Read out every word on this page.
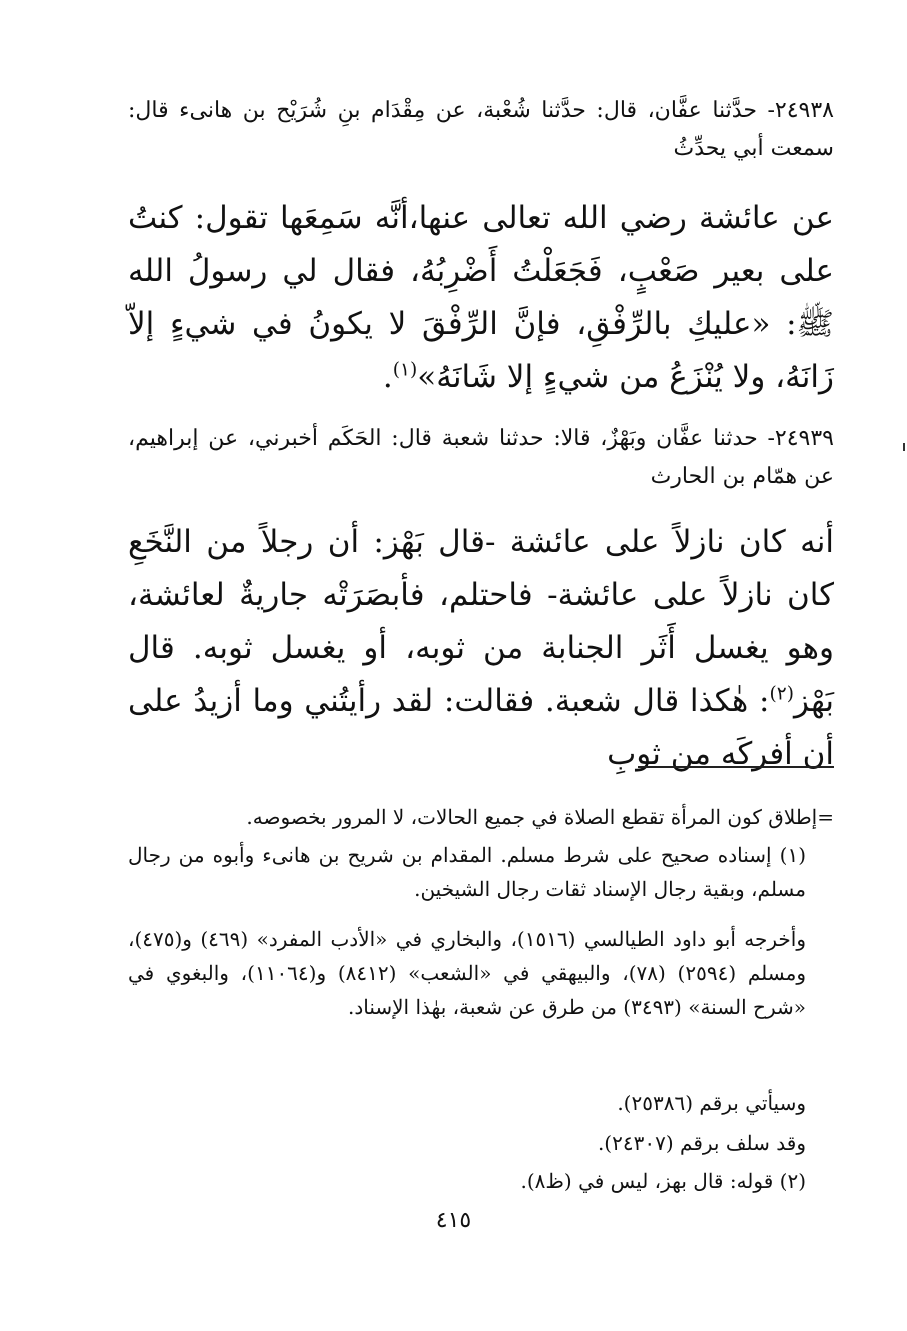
٢٤٩٣٨- حدَّثنا عفَّان، قال: حدَّثنا شُعْبة، عن مِقْدَام بنِ شُرَيْح بن هانىء قال: سمعت أبي يحدِّثُ
عن عائشة رضي الله تعالى عنها،أنَّه سَمِعَها تقول: كنتُ على بعير صَعْبٍ، فَجَعَلْتُ أَضْرِبُهُ، فقال لي رسولُ الله ﷺ: «عليكِ بالرِّفْقِ، فإنَّ الرِّفْقَ لا يكونُ في شيءٍ إلاّ زَانَهُ، ولا يُنْزَعُ من شيءٍ إلا شَانَهُ»$^{(١)}$.
٢٤٩٣٩- حدثنا عفَّان وبَهْزٌ، قالا: حدثنا شعبة قال: الحَكَم أخبرني، عن إبراهيم، عن همّام بن الحارث
أنه كان نازلاً على عائشة -قال بَهْز: أن رجلاً من النَّخَعِ كان نازلاً على عائشة- فاحتلم، فأبصَرَتْه جاريةٌ لعائشة، وهو يغسل أَثَر الجنابة من ثوبه، أو يغسل ثوبه. قال بَهْز$^{(٢)}$: هٰكذا قال شعبة. فقالت: لقد رأيتُني وما أزيدُ على أن أفركَه من ثوبِ
=إطلاق كون المرأة تقطع الصلاة في جميع الحالات، لا المرور بخصوصه.
(١) إسناده صحيح على شرط مسلم. المقدام بن شريح بن هانىء وأبوه من رجال مسلم، وبقية رجال الإسناد ثقات رجال الشيخين.
وأخرجه أبو داود الطيالسي (١٥١٦)، والبخاري في «الأدب المفرد» (٤٦٩) و(٤٧٥)، ومسلم (٢٥٩٤) (٧٨)، والبيهقي في «الشعب» (٨٤١٢) و(١١٠٦٤)، والبغوي في «شرح السنة» (٣٤٩٣) من طرق عن شعبة، بهٰذا الإسناد.
وسيأتي برقم (٢٥٣٨٦).
وقد سلف برقم (٢٤٣٠٧).
(٢) قوله: قال بهز، ليس في (ظ٨).
٤١٥
